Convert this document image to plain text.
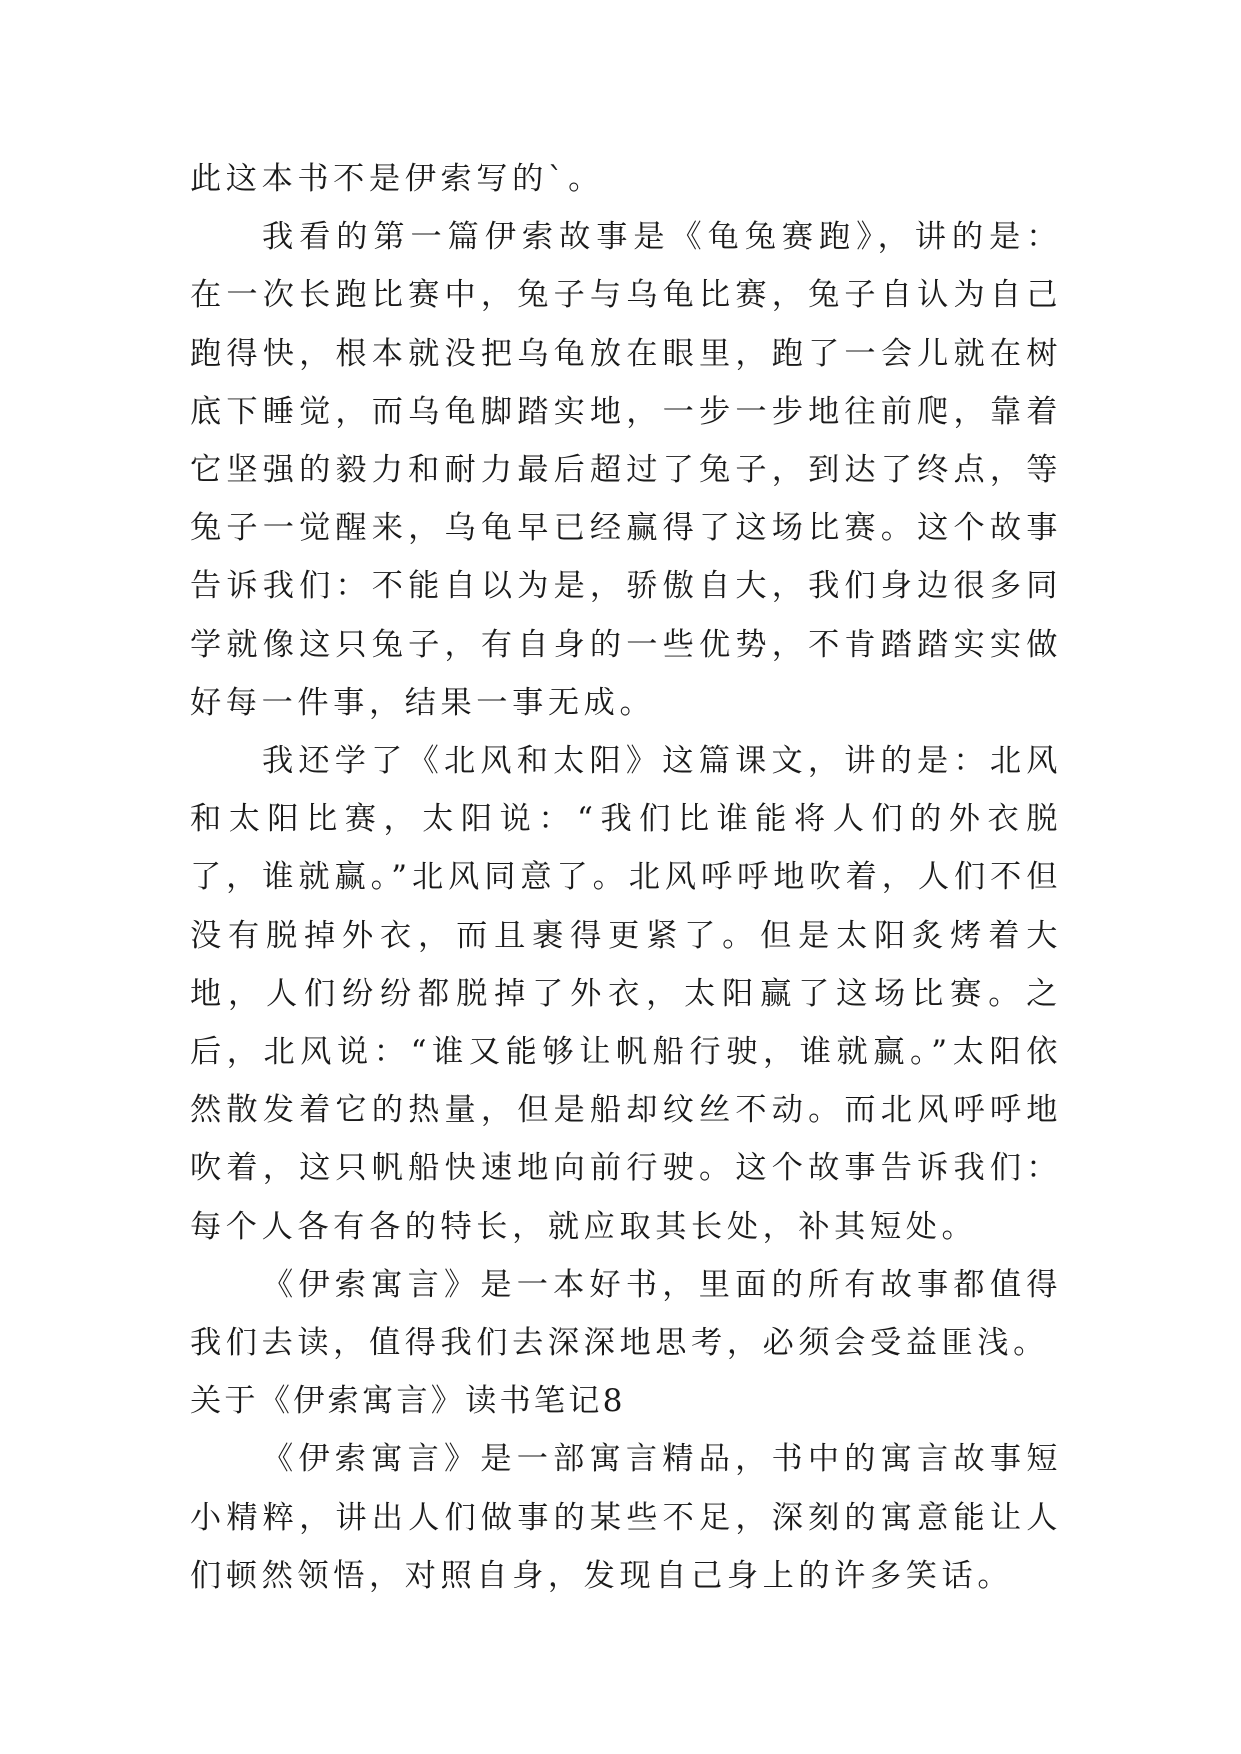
此这本书不是伊索写的`。

我看的第一篇伊索故事是《龟兔赛跑》，讲的是：在一次长跑比赛中，兔子与乌龟比赛，兔子自认为自己跑得快，根本就没把乌龟放在眼里，跑了一会儿就在树底下睡觉，而乌龟脚踏实地，一步一步地往前爬，靠着它坚强的毅力和耐力最后超过了兔子，到达了终点，等兔子一觉醒来，乌龟早已经赢得了这场比赛。这个故事告诉我们：不能自以为是，骄傲自大，我们身边很多同学就像这只兔子，有自身的一些优势，不肯踏踏实实做好每一件事，结果一事无成。

我还学了《北风和太阳》这篇课文，讲的是：北风和太阳比赛，太阳说：“我们比谁能将人们的外衣脱了，谁就赢。”北风同意了。北风呼呼地吹着，人们不但没有脱掉外衣，而且裹得更紧了。但是太阳炙烤着大地，人们纷纷都脱掉了外衣，太阳赢了这场比赛。之后，北风说：“谁又能够让帆船行驶，谁就赢。”太阳依然散发着它的热量，但是船却纹丝不动。而北风呼呼地吹着，这只帆船快速地向前行驶。这个故事告诉我们：每个人各有各的特长，就应取其长处，补其短处。

《伊索寓言》是一本好书，里面的所有故事都值得我们去读，值得我们去深深地思考，必须会受益匪浅。

关于《伊索寓言》读书笔记8

《伊索寓言》是一部寓言精品，书中的寓言故事短小精粹，讲出人们做事的某些不足，深刻的寓意能让人们顿然领悟，对照自身，发现自己身上的许多笑话。
